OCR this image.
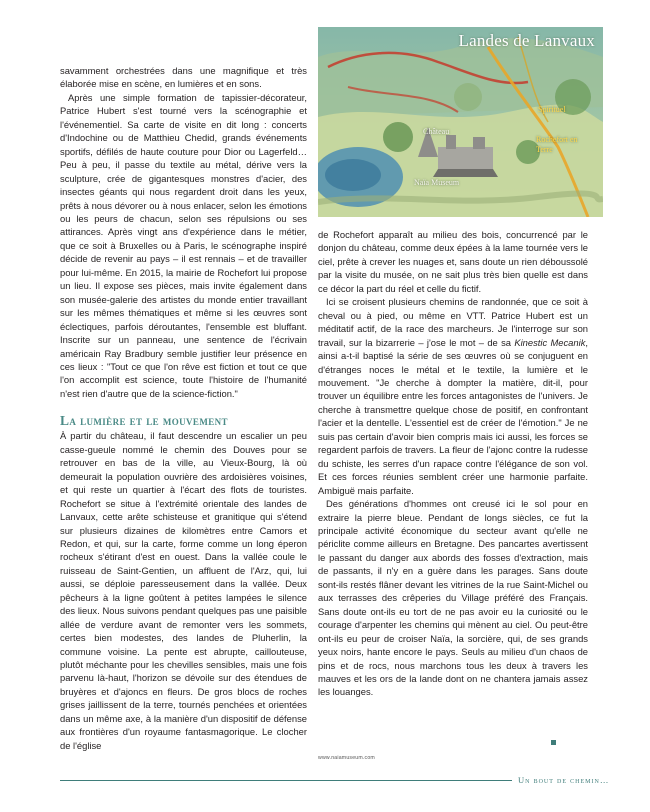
savamment orchestrées dans une magnifique et très élaborée mise en scène, en lumières et en sons.

Après une simple formation de tapissier-décorateur, Patrice Hubert s'est tourné vers la scénographie et l'événementiel. Sa carte de visite en dit long : concerts d'Indochine ou de Matthieu Chedid, grands événements sportifs, défilés de haute couture pour Dior ou Lagerfeld… Peu à peu, il passe du textile au métal, dérive vers la sculpture, crée de gigantesques monstres d'acier, des insectes géants qui nous regardent droit dans les yeux, prêts à nous dévorer ou à nous enlacer, selon les émotions ou les peurs de chacun, selon ses répulsions ou ses attirances. Après vingt ans d'expérience dans le métier, que ce soit à Bruxelles ou à Paris, le scénographe inspiré décide de revenir au pays – il est rennais – et de travailler pour lui-même. En 2015, la mairie de Rochefort lui propose un lieu. Il expose ses pièces, mais invite également dans son musée-galerie des artistes du monde entier travaillant sur les mêmes thématiques et même si les œuvres sont éclectiques, parfois déroutantes, l'ensemble est bluffant. Inscrite sur un panneau, une sentence de l'écrivain américain Ray Bradbury semble justifier leur présence en ces lieux : "Tout ce que l'on rêve est fiction et tout ce que l'on accomplit est science, toute l'histoire de l'humanité n'est rien d'autre que de la science-fiction."

La lumière et le mouvement

À partir du château, il faut descendre un escalier un peu casse-gueule nommé le chemin des Douves pour se retrouver en bas de la ville, au Vieux-Bourg, là où demeurait la population ouvrière des ardoisières voisines, et qui reste un quartier à l'écart des flots de touristes. Rochefort se situe à l'extrémité orientale des landes de Lanvaux, cette arête schisteuse et granitique qui s'étend sur plusieurs dizaines de kilomètres entre Camors et Redon, et qui, sur la carte, forme comme un long éperon rocheux s'étirant d'est en ouest. Dans la vallée coule le ruisseau de Saint-Gentien, un affluent de l'Arz, qui, lui aussi, se déploie paresseusement dans la vallée. Deux pêcheurs à la ligne goûtent à petites lampées le silence des lieux. Nous suivons pendant quelques pas une paisible allée de verdure avant de remonter vers les sommets, certes bien modestes, des landes de Pluherlin, la commune voisine. La pente est abrupte, caillouteuse, plutôt méchante pour les chevilles sensibles, mais une fois parvenu là-haut, l'horizon se dévoile sur des étendues de bruyères et d'ajoncs en fleurs. De gros blocs de roches grises jaillissent de la terre, tournés penchées et orientées dans un même axe, à la manière d'un dispositif de défense aux frontières d'un royaume fantasmagorique. Le clocher de l'église

Landes de Lanvaux
Château
Naïa Museum
Spirituel
Rochefort en Terre

de Rochefort apparaît au milieu des bois, concurrencé par le donjon du château, comme deux épées à la lame tournée vers le ciel, prête à crever les nuages et, sans doute un rien déboussolé par la visite du musée, on ne sait plus très bien quelle est dans ce décor la part du réel et celle du fictif.

Ici se croisent plusieurs chemins de randonnée, que ce soit à cheval ou à pied, ou même en VTT. Patrice Hubert est un méditatif actif, de la race des marcheurs. Je l'interroge sur son travail, sur la bizarrerie – j'ose le mot – de sa Kinestic Mecanik, ainsi a-t-il baptisé la série de ses œuvres où se conjuguent en d'étranges noces le métal et le textile, la lumière et le mouvement. "Je cherche à dompter la matière, dit-il, pour trouver un équilibre entre les forces antagonistes de l'univers. Je cherche à transmettre quelque chose de positif, en confrontant l'acier et la dentelle. L'essentiel est de créer de l'émotion." Je ne suis pas certain d'avoir bien compris mais ici aussi, les forces se regardent parfois de travers. La fleur de l'ajonc contre la rudesse du schiste, les serres d'un rapace contre l'élégance de son vol. Et ces forces réunies semblent créer une harmonie parfaite. Ambiguë mais parfaite.

Des générations d'hommes ont creusé ici le sol pour en extraire la pierre bleue. Pendant de longs siècles, ce fut la principale activité économique du secteur avant qu'elle ne périclite comme ailleurs en Bretagne. Des pancartes avertissent le passant du danger aux abords des fosses d'extraction, mais de passants, il n'y en a guère dans les parages. Sans doute sont-ils restés flâner devant les vitrines de la rue Saint-Michel ou aux terrasses des crêperies du Village préféré des Français. Sans doute ont-ils eu tort de ne pas avoir eu la curiosité ou le courage d'arpenter les chemins qui mènent au ciel. Ou peut-être ont-ils eu peur de croiser Naïa, la sorcière, qui, de ses grands yeux noirs, hante encore le pays. Seuls au milieu d'un chaos de pins et de rocs, nous marchons tous les deux à travers les mauves et les ors de la lande dont on ne chantera jamais assez les louanges.

www.naiamuseum.com
Un bout de chemin…
